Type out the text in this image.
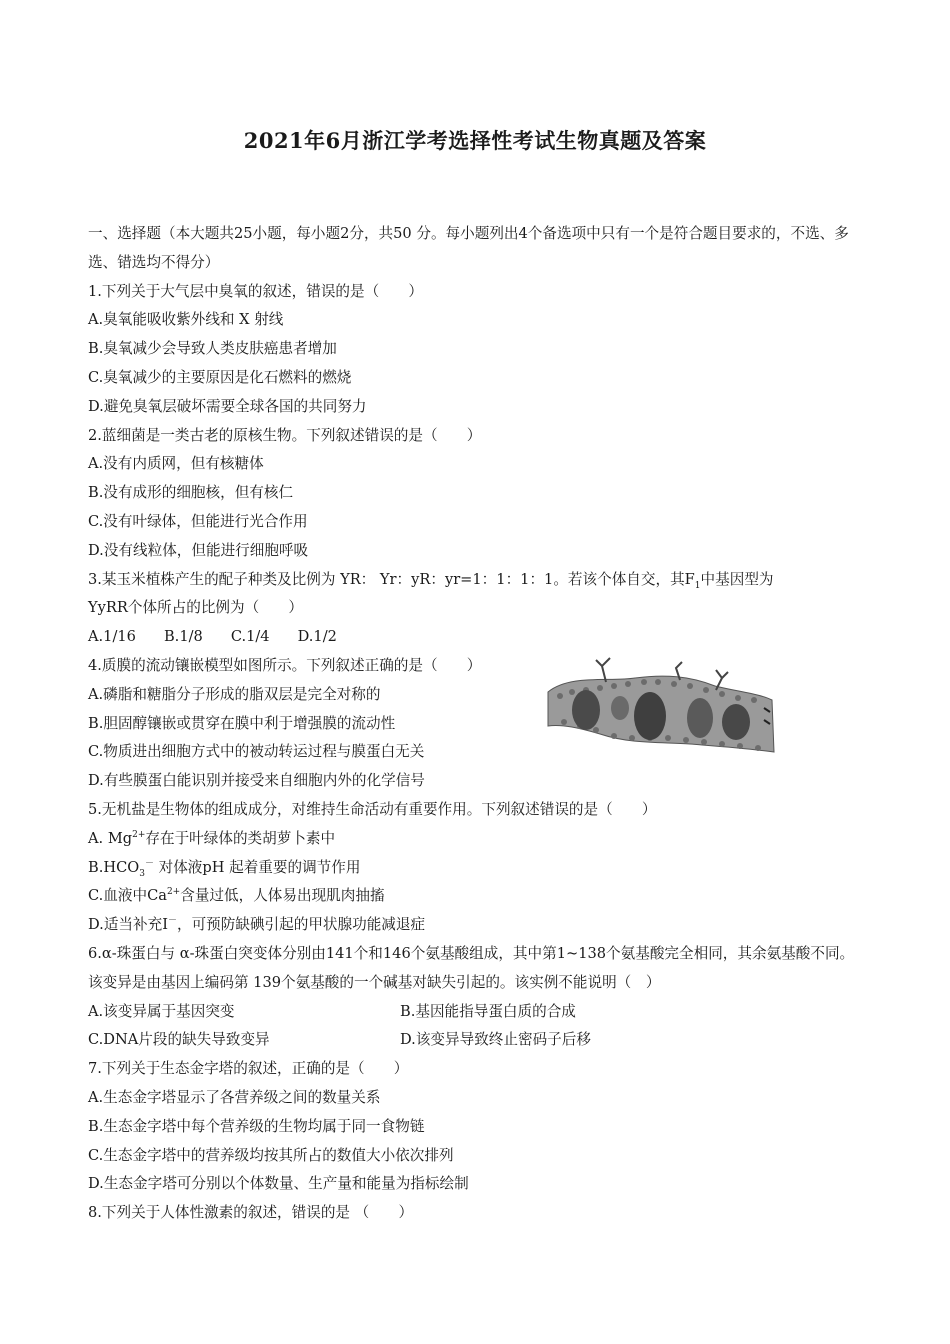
2021年6月浙江学考选择性考试生物真题及答案
一、选择题（本大题共25小题，每小题2分，共50 分。每小题列出4个备选项中只有一个是符合题目要求的，不选、多选、错选均不得分）
1.下列关于大气层中臭氧的叙述，错误的是（　　）
A.臭氧能吸收紫外线和 X 射线
B.臭氧减少会导致人类皮肤癌患者增加
C.臭氧减少的主要原因是化石燃料的燃烧
D.避免臭氧层破坏需要全球各国的共同努力
2.蓝细菌是一类古老的原核生物。下列叙述错误的是（　　）
A.没有内质网，但有核糖体
B.没有成形的细胞核，但有核仁
C.没有叶绿体，但能进行光合作用
D.没有线粒体，但能进行细胞呼吸
3.某玉米植株产生的配子种类及比例为 YR： Yr：yR：yr=1：1：1：1。若该个体自交，其$F_1$中基因型为
YyRR个体所占的比例为（　　）
A.1/16 B.1/8 C.1/4 D.1/2
4.质膜的流动镶嵌模型如图所示。下列叙述正确的是（　　）
A.磷脂和糖脂分子形成的脂双层是完全对称的
B.胆固醇镶嵌或贯穿在膜中利于增强膜的流动性
C.物质进出细胞方式中的被动转运过程与膜蛋白无关
D.有些膜蛋白能识别并接受来自细胞内外的化学信号
5.无机盐是生物体的组成成分，对维持生命活动有重要作用。下列叙述错误的是（　　）
A. $Mg^{2+}$存在于叶绿体的类胡萝卜素中
$B.HCO_3^-$ 对体液pH 起着重要的调节作用
C.血液中$Ca^{2+}$含量过低，人体易出现肌肉抽搐
D.适当补充I－，可预防缺碘引起的甲状腺功能减退症
6.α-珠蛋白与 α-珠蛋白突变体分别由141个和146个氨基酸组成，其中第1~138个氨基酸完全相同，其余氨基酸不同。该变异是由基因上编码第 139个氨基酸的一个碱基对缺失引起的。该实例不能说明（　）
A.该变异属于基因突变	B.基因能指导蛋白质的合成
C.DNA片段的缺失导致变异	D.该变异导致终止密码子后移
7.下列关于生态金字塔的叙述，正确的是（　　）
A.生态金字塔显示了各营养级之间的数量关系
B.生态金字塔中每个营养级的生物均属于同一食物链
C.生态金字塔中的营养级均按其所占的数值大小依次排列
D.生态金字塔可分别以个体数量、生产量和能量为指标绘制
8.下列关于人体性激素的叙述，错误的是 （　　）
